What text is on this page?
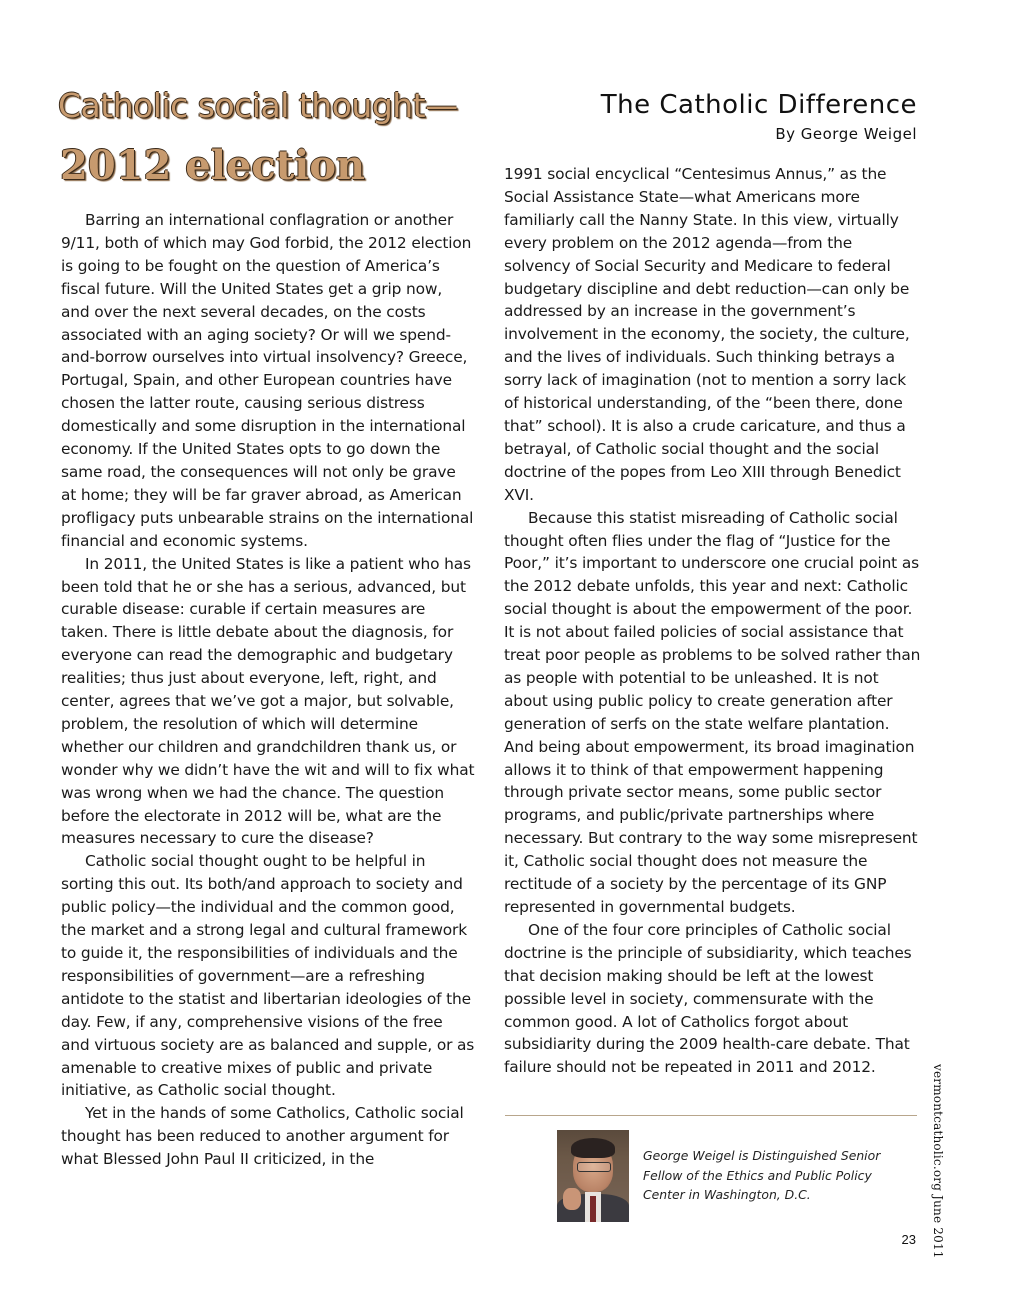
Catholic social thought—
2012 election
The Catholic Difference
By George Weigel

Barring an international conflagration or another 9/11, both of which may God forbid, the 2012 election is going to be fought on the question of America’s fiscal future. Will the United States get a grip now, and over the next several decades, on the costs associated with an aging society? Or will we spend-and-borrow ourselves into virtual insolvency? Greece, Portugal, Spain, and other European countries have chosen the latter route, causing serious distress domestically and some disruption in the international economy. If the United States opts to go down the same road, the consequences will not only be grave at home; they will be far graver abroad, as American profligacy puts unbearable strains on the international financial and economic systems.

In 2011, the United States is like a patient who has been told that he or she has a serious, advanced, but curable disease: curable if certain measures are taken. There is little debate about the diagnosis, for everyone can read the demographic and budgetary realities; thus just about everyone, left, right, and center, agrees that we’ve got a major, but solvable, problem, the resolution of which will determine whether our children and grandchildren thank us, or wonder why we didn’t have the wit and will to fix what was wrong when we had the chance. The question before the electorate in 2012 will be, what are the measures necessary to cure the disease?

Catholic social thought ought to be helpful in sorting this out. Its both/and approach to society and public policy—the individual and the common good, the market and a strong legal and cultural framework to guide it, the responsibilities of individuals and the responsibilities of government—are a refreshing antidote to the statist and libertarian ideologies of the day. Few, if any, comprehensive visions of the free and virtuous society are as balanced and supple, or as amenable to creative mixes of public and private initiative, as Catholic social thought.

Yet in the hands of some Catholics, Catholic social thought has been reduced to another argument for what Blessed John Paul II criticized, in the

1991 social encyclical “Centesimus Annus,” as the Social Assistance State—what Americans more familiarly call the Nanny State. In this view, virtually every problem on the 2012 agenda—from the solvency of Social Security and Medicare to federal budgetary discipline and debt reduction—can only be addressed by an increase in the government’s involvement in the economy, the society, the culture, and the lives of individuals. Such thinking betrays a sorry lack of imagination (not to mention a sorry lack of historical understanding, of the “been there, done that” school). It is also a crude caricature, and thus a betrayal, of Catholic social thought and the social doctrine of the popes from Leo XIII through Benedict XVI.

Because this statist misreading of Catholic social thought often flies under the flag of “Justice for the Poor,” it’s important to underscore one crucial point as the 2012 debate unfolds, this year and next: Catholic social thought is about the empowerment of the poor. It is not about failed policies of social assistance that treat poor people as problems to be solved rather than as people with potential to be unleashed. It is not about using public policy to create generation after generation of serfs on the state welfare plantation. And being about empowerment, its broad imagination allows it to think of that empowerment happening through private sector means, some public sector programs, and public/private partnerships where necessary. But contrary to the way some misrepresent it, Catholic social thought does not measure the rectitude of a society by the percentage of its GNP represented in governmental budgets.

One of the four core principles of Catholic social doctrine is the principle of subsidiarity, which teaches that decision making should be left at the lowest possible level in society, commensurate with the common good. A lot of Catholics forgot about subsidiarity during the 2009 health-care debate. That failure should not be repeated in 2011 and 2012.

George Weigel is Distinguished Senior
Fellow of the Ethics and Public Policy
Center in Washington, D.C.	vermontcatholic.org June 2011
23
